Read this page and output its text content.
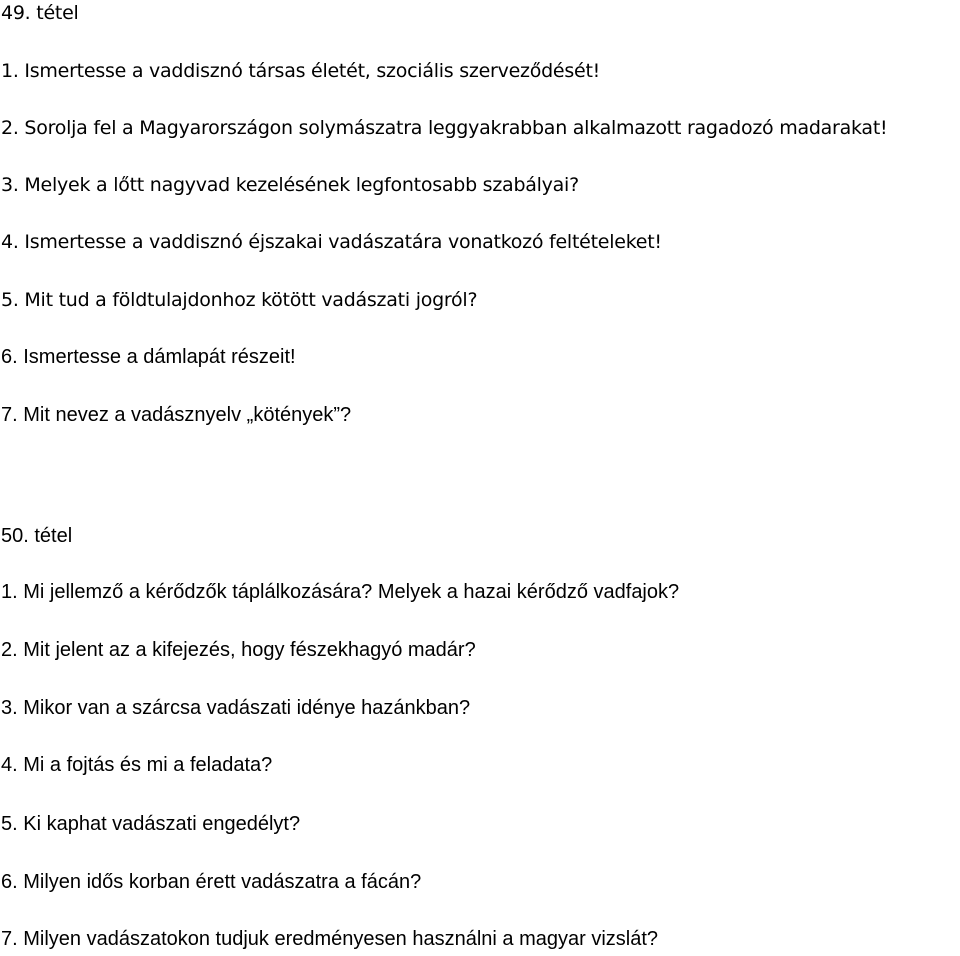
49. tétel
1. Ismertesse a vaddisznó társas életét, szociális szerveződését!
2. Sorolja fel a Magyarországon solymászatra leggyakrabban alkalmazott ragadozó madarakat!
3. Melyek a lőtt nagyvad kezelésének legfontosabb szabályai?
4. Ismertesse a vaddisznó éjszakai vadászatára vonatkozó feltételeket!
5. Mit tud a földtulajdonhoz kötött vadászati jogról?
6. Ismertesse a dámlapát részeit!
7. Mit nevez a vadásznyelv „kötények”?
50. tétel
1. Mi jellemző a kérődzők táplálkozására? Melyek a hazai kérődző vadfajok?
2. Mit jelent az a kifejezés, hogy fészekhagyó madár?
3. Mikor van a szárcsa vadászati idénye hazánkban?
4. Mi a fojtás és mi a feladata?
5. Ki kaphat vadászati engedélyt?
6. Milyen idős korban érett vadászatra a fácán?
7. Milyen vadászatokon tudjuk eredményesen használni a magyar vizslát?
